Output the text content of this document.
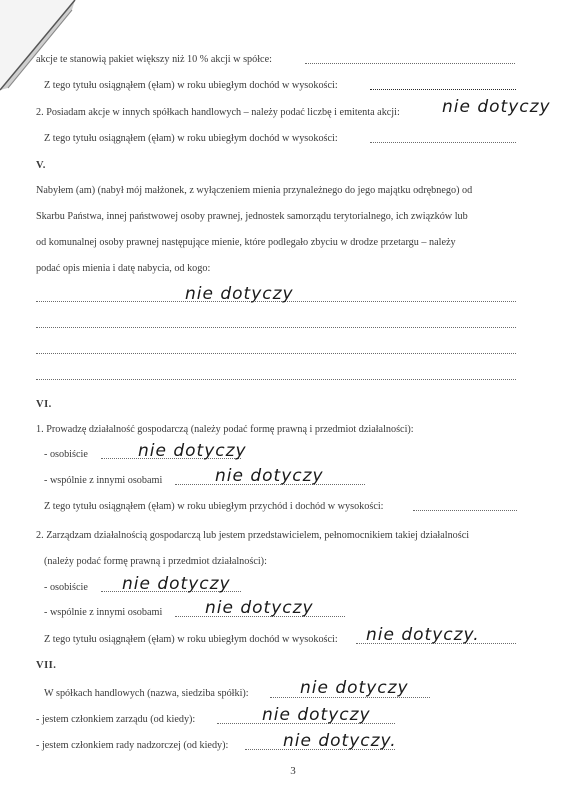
akcje te stanowią pakiet większy niż 10 % akcji w spółce:
Z tego tytułu osiągnąłem (ęłam) w roku ubiegłym dochód w wysokości:
2. Posiadam akcje w innych spółkach handlowych – należy podać liczbę i emitenta akcji: nie dotyczy
Z tego tytułu osiągnąłem (ęłam) w roku ubiegłym dochód w wysokości:
V.
Nabyłem (am) (nabył mój małżonek, z wyłączeniem mienia przynależnego do jego majątku odrębnego) od
Skarbu Państwa, innej państwowej osoby prawnej, jednostek samorządu terytorialnego, ich związków lub
od komunalnej osoby prawnej następujące mienie, które podlegało zbyciu w drodze przetargu – należy
podać opis mienia i datę nabycia, od kogo:
nie dotyczy
VI.
1. Prowadzę działalność gospodarczą (należy podać formę prawną i przedmiot działalności):
- osobiście	nie dotyczy
- wspólnie z innymi osobami	nie dotyczy
Z tego tytułu osiągnąłem (ęłam) w roku ubiegłym przychód i dochód w wysokości:
2. Zarządzam działalnością gospodarczą lub jestem przedstawicielem, pełnomocnikiem takiej działalności
(należy podać formę prawną i przedmiot działalności):
- osobiście nie dotyczy
- wspólnie z innymi osobami	nie dotyczy
Z tego tytułu osiągnąłem (ęłam) w roku ubiegłym dochód w wysokości: nie dotyczy.
VII.
W spółkach handlowych (nazwa, siedziba spółki):	nie dotyczy
- jestem członkiem zarządu (od kiedy):	nie dotyczy
- jestem członkiem rady nadzorczej (od kiedy):	nie dotyczy.
3
